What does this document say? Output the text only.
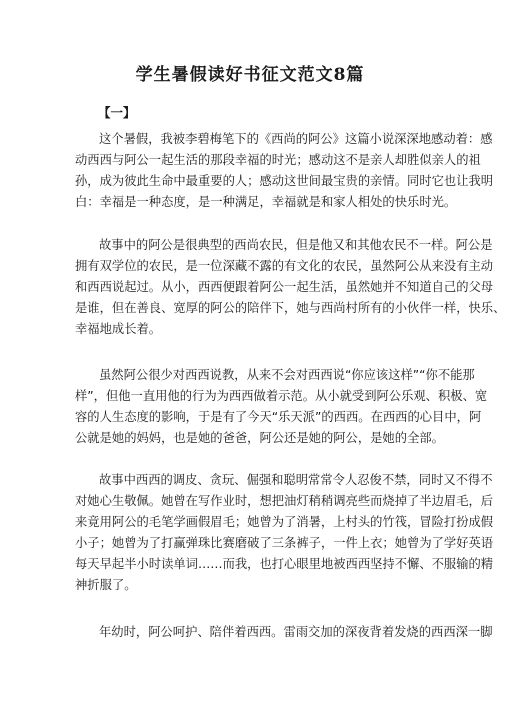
学生暑假读好书征文范文8篇
【一】
这个暑假，我被李碧梅笔下的《西尚的阿公》这篇小说深深地感动着：感
动西西与阿公一起生活的那段幸福的时光；感动这不是亲人却胜似亲人的祖
孙，成为彼此生命中最重要的人；感动这世间最宝贵的亲情。同时它也让我明
白：幸福是一种态度，是一种满足，幸福就是和家人相处的快乐时光。
故事中的阿公是很典型的西尚农民，但是他又和其他农民不一样。阿公是
拥有双学位的农民，是一位深藏不露的有文化的农民，虽然阿公从来没有主动
和西西说起过。从小，西西便跟着阿公一起生活，虽然她并不知道自己的父母
是谁，但在善良、宽厚的阿公的陪伴下，她与西尚村所有的小伙伴一样，快乐、
幸福地成长着。
虽然阿公很少对西西说教，从来不会对西西说“你应该这样”“你不能那
样”，但他一直用他的行为为西西做着示范。从小就受到阿公乐观、积极、宽
容的人生态度的影响，于是有了今天“乐天派”的西西。在西西的心目中，阿
公就是她的妈妈，也是她的爸爸，阿公还是她的阿公，是她的全部。
故事中西西的调皮、贪玩、倔强和聪明常常令人忍俊不禁，同时又不得不
对她心生敬佩。她曾在写作业时，想把油灯稍稍调亮些而烧掉了半边眉毛，后
来竟用阿公的毛笔学画假眉毛；她曾为了消暑，上村头的竹筏，冒险打扮成假
小子；她曾为了打赢弹珠比赛磨破了三条裤子，一件上衣；她曾为了学好英语
每天早起半小时读单词……而我，也打心眼里地被西西坚持不懈、不服输的精
神折服了。
年幼时，阿公呵护、陪伴着西西。雷雨交加的深夜背着发烧的西西深一脚
